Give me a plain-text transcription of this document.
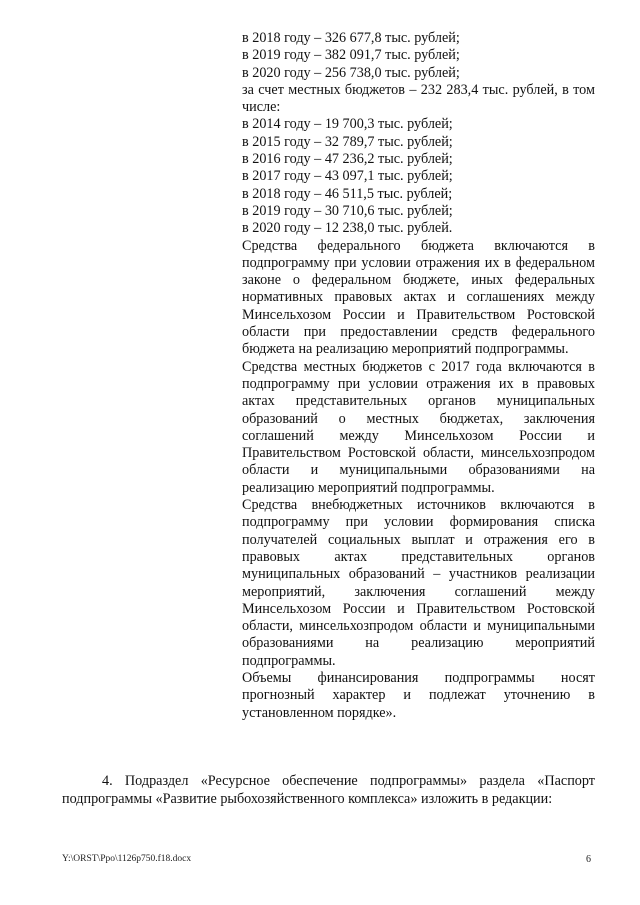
в 2018 году – 326 677,8 тыс. рублей;
в 2019 году – 382 091,7 тыс. рублей;
в 2020 году – 256 738,0 тыс. рублей;

за счет местных бюджетов – 232 283,4 тыс. рублей, в том числе:

в 2014 году – 19 700,3 тыс. рублей;
в 2015 году – 32 789,7 тыс. рублей;
в 2016 году – 47 236,2 тыс. рублей;
в 2017 году – 43 097,1 тыс. рублей;
в 2018 году – 46 511,5 тыс. рублей;
в 2019 году – 30 710,6 тыс. рублей;
в 2020 году – 12 238,0 тыс. рублей.

Средства федерального бюджета включаются в подпрограмму при условии отражения их в федеральном законе о федеральном бюджете, иных федеральных нормативных правовых актах и соглашениях между Минсельхозом России и Правительством Ростовской области при предоставлении средств федерального бюджета на реализацию мероприятий подпрограммы.

Средства местных бюджетов с 2017 года включаются в подпрограмму при условии отражения их в правовых актах представительных органов муниципальных образований о местных бюджетах, заключения соглашений между Минсельхозом России и Правительством Ростовской области, минсельхозпродом области и муниципальными образованиями на реализацию мероприятий подпрограммы.

Средства внебюджетных источников включаются в подпрограмму при условии формирования списка получателей социальных выплат и отражения его в правовых актах представительных органов муниципальных образований – участников реализации мероприятий, заключения соглашений между Минсельхозом России и Правительством Ростовской области, минсельхозпродом области и муниципальными образованиями на реализацию мероприятий подпрограммы.

Объемы финансирования подпрограммы носят прогнозный характер и подлежат уточнению в установленном порядке».

4. Подраздел «Ресурсное обеспечение подпрограммы» раздела «Паспорт подпрограммы «Развитие рыбохозяйственного комплекса» изложить в редакции:

Y:\ORST\Ppo\1126p750.f18.docx	6
